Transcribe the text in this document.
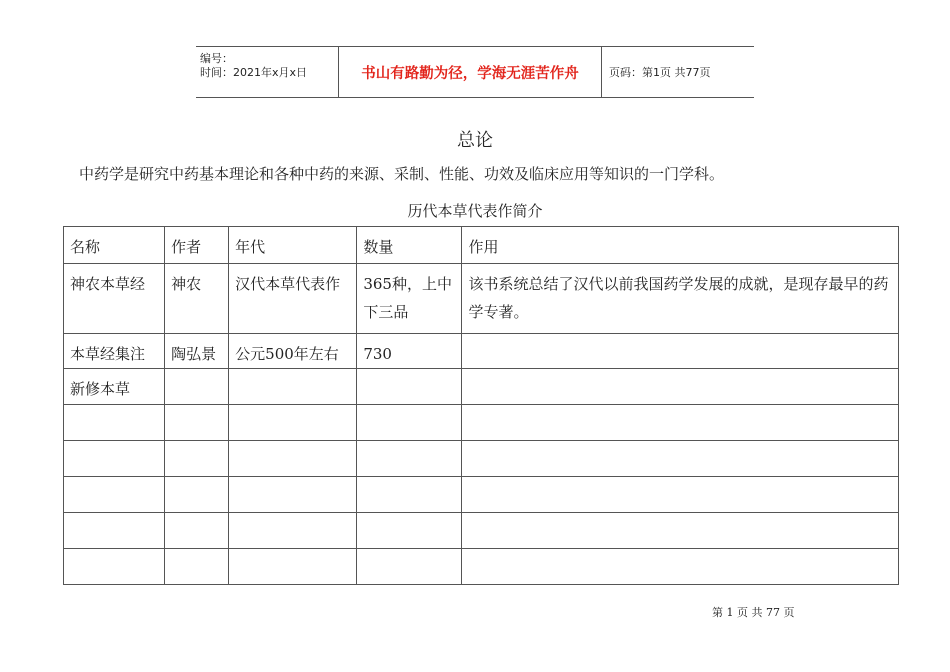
编号：
时间：2021年x月x日	书山有路勤为径，学海无涯苦作舟	页码：第1页 共77页
总论
中药学是研究中药基本理论和各种中药的来源、采制、性能、功效及临床应用等知识的一门学科。
历代本草代表作简介
名称	作者	年代	数量	作用
神农本草经	神农	汉代本草代表作	365种，上中下三品	该书系统总结了汉代以前我国药学发展的成就，是现存最早的药学专著。
本草经集注	陶弘景	公元500年左右	730	
新修本草				

第 1 页 共 77 页
